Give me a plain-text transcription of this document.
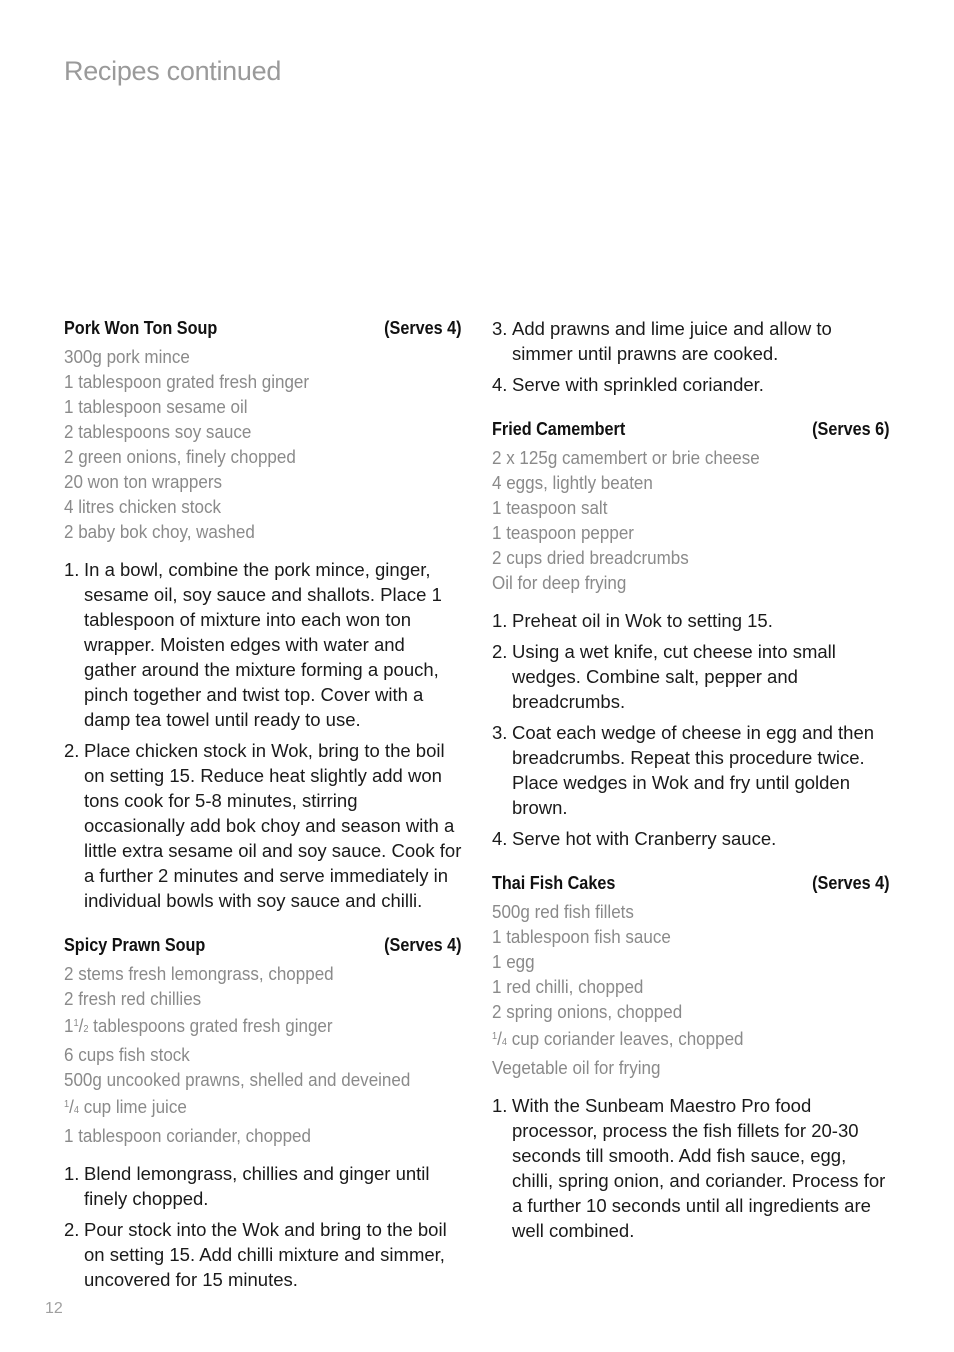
Recipes continued
Pork Won Ton Soup	(Serves 4)
300g pork mince
1 tablespoon grated fresh ginger
1 tablespoon sesame oil
2 tablespoons soy sauce
2 green onions, finely chopped
20 won ton wrappers
4 litres chicken stock
2 baby bok choy, washed
1. In a bowl, combine the pork mince, ginger, sesame oil, soy sauce and shallots. Place 1 tablespoon of mixture into each won ton wrapper. Moisten edges with water and gather around the mixture forming a pouch, pinch together and twist top. Cover with a damp tea towel until ready to use.
2. Place chicken stock in Wok, bring to the boil on setting 15. Reduce heat slightly add won tons cook for 5-8 minutes, stirring occasionally add bok choy and season with a little extra sesame oil and soy sauce. Cook for a further 2 minutes and serve immediately in individual bowls with soy sauce and chilli.
Spicy Prawn Soup	(Serves 4)
2 stems fresh lemongrass, chopped
2 fresh red chillies
$1^1/2$ tablespoons grated fresh ginger
6 cups fish stock
500g uncooked prawns, shelled and deveined
$^1$/4 cup lime juice
1 tablespoon coriander, chopped
1. Blend lemongrass, chillies and ginger until finely chopped.
2. Pour stock into the Wok and bring to the boil on setting 15. Add chilli mixture and simmer, uncovered for 15 minutes.
3. Add prawns and lime juice and allow to simmer until prawns are cooked.
4. Serve with sprinkled coriander.
Fried Camembert	(Serves 6)
2 x 125g camembert or brie cheese
4 eggs, lightly beaten
1 teaspoon salt
1 teaspoon pepper
2 cups dried breadcrumbs
Oil for deep frying
1. Preheat oil in Wok to setting 15.
2. Using a wet knife, cut cheese into small wedges. Combine salt, pepper and breadcrumbs.
3. Coat each wedge of cheese in egg and then breadcrumbs. Repeat this procedure twice. Place wedges in Wok and fry until golden brown.
4. Serve hot with Cranberry sauce.
Thai Fish Cakes	(Serves 4)
500g red fish fillets
1 tablespoon fish sauce
1 egg
1 red chilli, chopped
2 spring onions, chopped
$^1$/4 cup coriander leaves, chopped
Vegetable oil for frying
1. With the Sunbeam Maestro Pro food processor, process the fish fillets for 20-30 seconds till smooth. Add fish sauce, egg, chilli, spring onion, and coriander. Process for a further 10 seconds until all ingredients are well combined.
12
